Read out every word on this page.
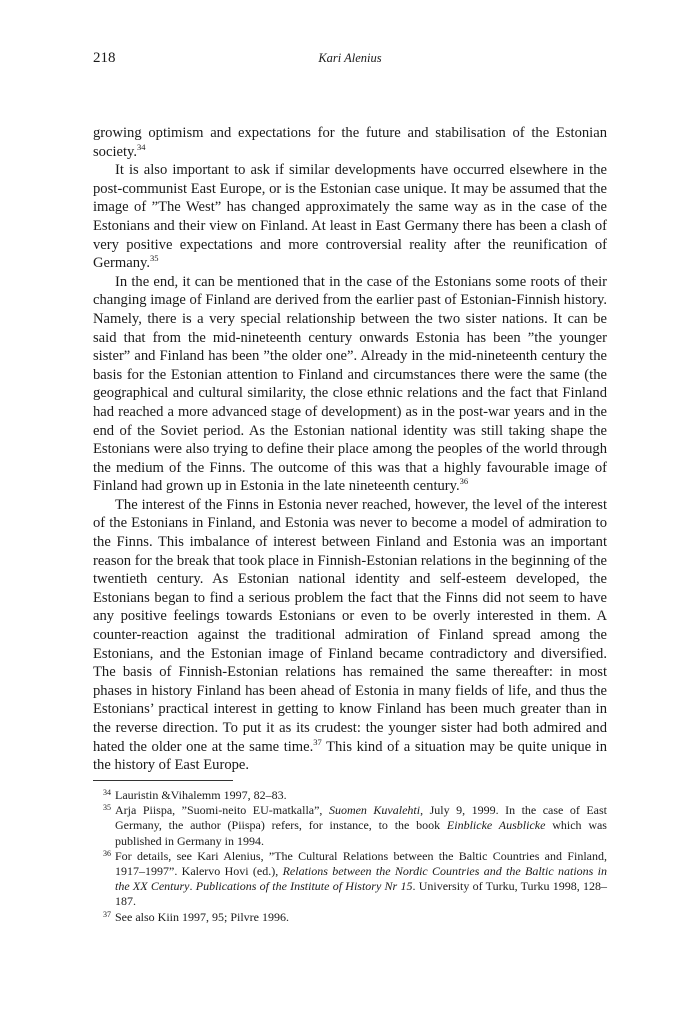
218	Kari Alenius

growing optimism and expectations for the future and stabilisation of the Estonian society.$^{34}$

It is also important to ask if similar developments have occurred elsewhere in the post-communist East Europe, or is the Estonian case unique. It may be assumed that the image of ”The West” has changed approximately the same way as in the case of the Estonians and their view on Finland. At least in East Germany there has been a clash of very positive expectations and more controversial reality after the reunification of Germany.$^{35}$

In the end, it can be mentioned that in the case of the Estonians some roots of their changing image of Finland are derived from the earlier past of Estonian-Finnish history. Namely, there is a very special relationship between the two sister nations. It can be said that from the mid-nineteenth century onwards Estonia has been ”the younger sister” and Finland has been ”the older one”. Already in the mid-nineteenth century the basis for the Estonian attention to Finland and circumstances there were the same (the geographical and cultural similarity, the close ethnic relations and the fact that Finland had reached a more advanced stage of development) as in the post-war years and in the end of the Soviet period. As the Estonian national identity was still taking shape the Estonians were also trying to define their place among the peoples of the world through the medium of the Finns. The outcome of this was that a highly favourable image of Finland had grown up in Estonia in the late nineteenth century.$^{36}$

The interest of the Finns in Estonia never reached, however, the level of the interest of the Estonians in Finland, and Estonia was never to become a model of admiration to the Finns. This imbalance of interest between Finland and Estonia was an important reason for the break that took place in Finnish-Estonian relations in the beginning of the twentieth century. As Estonian national identity and self-esteem developed, the Estonians began to find a serious problem the fact that the Finns did not seem to have any positive feelings towards Estonians or even to be overly interested in them. A counter-reaction against the traditional admiration of Finland spread among the Estonians, and the Estonian image of Finland became contradictory and diversified. The basis of Finnish-Estonian relations has remained the same thereafter: in most phases in history Finland has been ahead of Estonia in many fields of life, and thus the Estonians’ practical interest in getting to know Finland has been much greater than in the reverse direction. To put it as its crudest: the younger sister had both admired and hated the older one at the same time.$^{37}$ This kind of a situation may be quite unique in the history of East Europe.

34 Lauristin &Vihalemm 1997, 82–83.

35 Arja Piispa, ”Suomi-neito EU-matkalla”, Suomen Kuvalehti, July 9, 1999. In the case of East Germany, the author (Piispa) refers, for instance, to the book Einblicke Ausblicke which was published in Germany in 1994.

36 For details, see Kari Alenius, ”The Cultural Relations between the Baltic Countries and Finland, 1917–1997”. Kalervo Hovi (ed.), Relations between the Nordic Countries and the Baltic nations in the XX Century. Publications of the Institute of History Nr 15. University of Turku, Turku 1998, 128–187.

37 See also Kiin 1997, 95; Pilvre 1996.
